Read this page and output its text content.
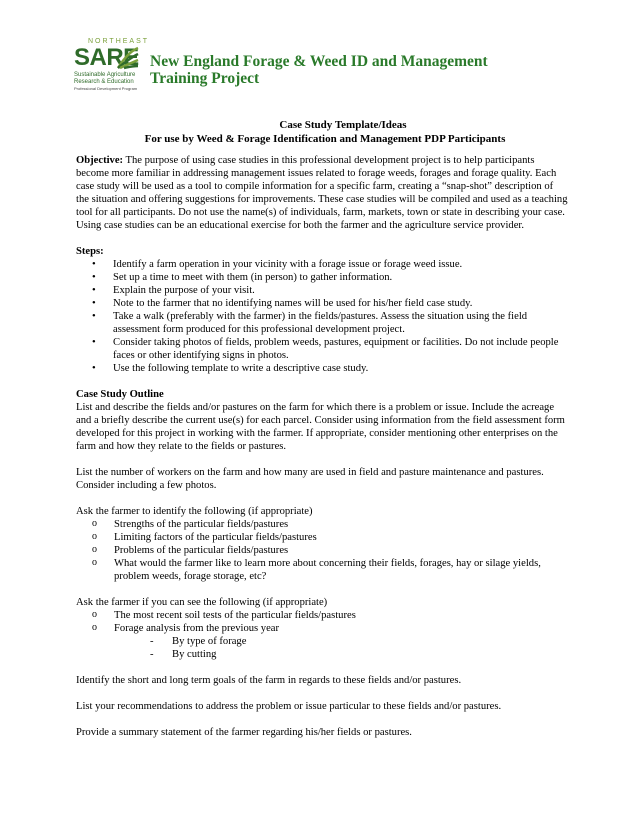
NORTHEAST
SARE
Sustainable Agriculture
Research & Education
Professional Development Program
New England Forage & Weed ID and Management
Training Project
Case Study Template/Ideas
For use by Weed & Forage Identification and Management PDP Participants

Objective: The purpose of using case studies in this professional development project is to help participants become more familiar in addressing management issues related to forage weeds, forages and forage quality. Each case study will be used as a tool to compile information for a specific farm, creating a “snap-shot” description of the situation and offering suggestions for improvements. These case studies will be compiled and used as a teaching tool for all participants. Do not use the name(s) of individuals, farm, markets, town or state in describing your case. Using case studies can be an educational exercise for both the farmer and the agriculture service provider.

Steps:
• Identify a farm operation in your vicinity with a forage issue or forage weed issue.
• Set up a time to meet with them (in person) to gather information.
• Explain the purpose of your visit.
• Note to the farmer that no identifying names will be used for his/her field case study.
• Take a walk (preferably with the farmer) in the fields/pastures. Assess the situation using the field assessment form produced for this professional development project.
• Consider taking photos of fields, problem weeds, pastures, equipment or facilities. Do not include people faces or other identifying signs in photos.
• Use the following template to write a descriptive case study.
Case Study Outline

List and describe the fields and/or pastures on the farm for which there is a problem or issue. Include the acreage and a briefly describe the current use(s) for each parcel. Consider using information from the field assessment form developed for this project in working with the farmer. If appropriate, consider mentioning other enterprises on the farm and how they relate to the fields or pastures.

List the number of workers on the farm and how many are used in field and pasture maintenance and pastures. Consider including a few photos.

Ask the farmer to identify the following (if appropriate)
o Strengths of the particular fields/pastures
o Limiting factors of the particular fields/pastures
o Problems of the particular fields/pastures
o What would the farmer like to learn more about concerning their fields, forages, hay or silage yields, problem weeds, forage storage, etc?
Ask the farmer if you can see the following (if appropriate)
o The most recent soil tests of the particular fields/pastures
o Forage analysis from the previous year
- By type of forage
- By cutting

Identify the short and long term goals of the farm in regards to these fields and/or pastures.

List your recommendations to address the problem or issue particular to these fields and/or pastures.

Provide a summary statement of the farmer regarding his/her fields or pastures.
